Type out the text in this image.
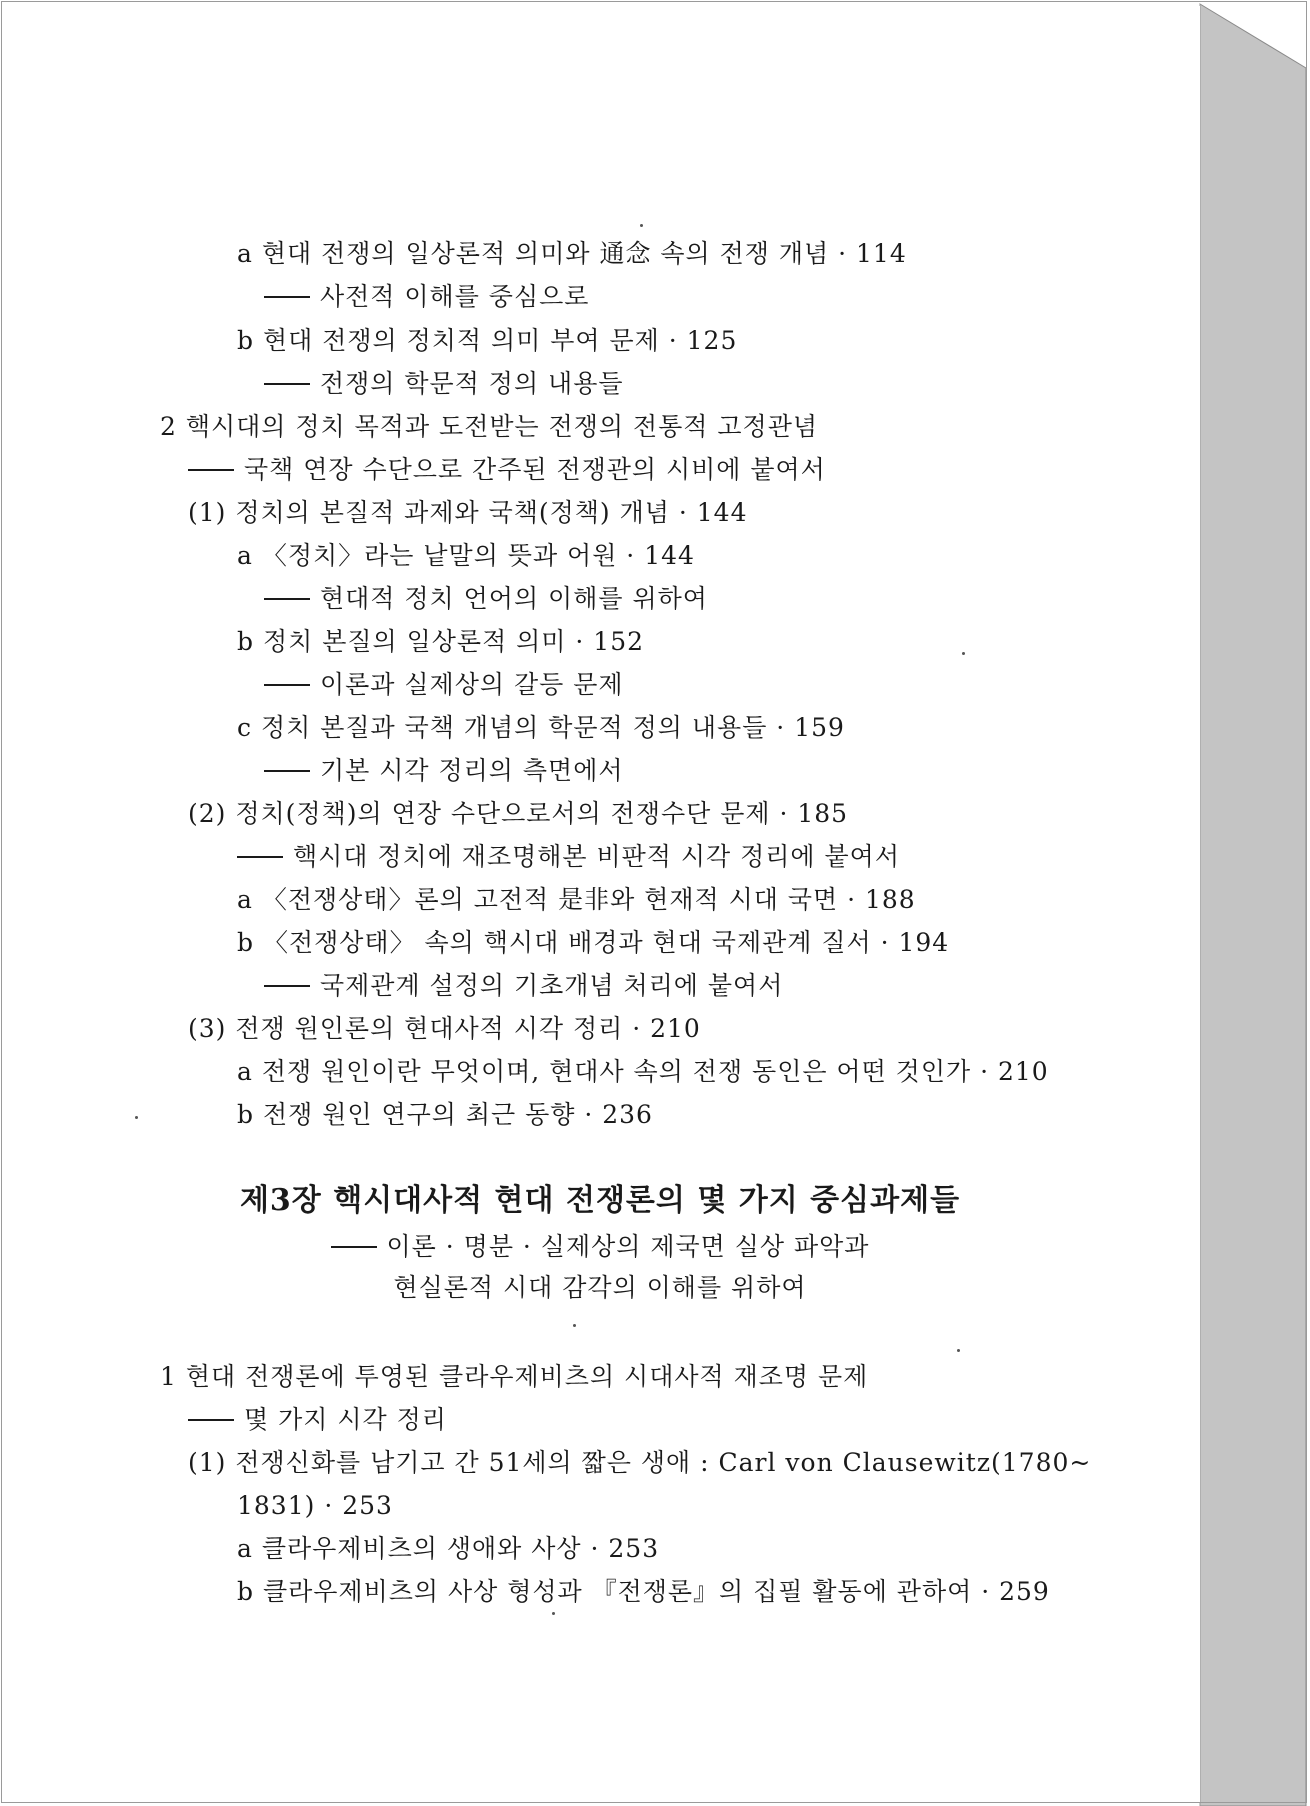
a 현대 전쟁의 일상론적 의미와 通念 속의 전쟁 개념 · 114
사전적 이해를 중심으로
b 현대 전쟁의 정치적 의미 부여 문제 · 125
전쟁의 학문적 정의 내용들
2 핵시대의 정치 목적과 도전받는 전쟁의 전통적 고정관념
국책 연장 수단으로 간주된 전쟁관의 시비에 붙여서
(1) 정치의 본질적 과제와 국책(정책) 개념 · 144
a 〈정치〉라는 낱말의 뜻과 어원 · 144
현대적 정치 언어의 이해를 위하여
b 정치 본질의 일상론적 의미 · 152
이론과 실제상의 갈등 문제
c 정치 본질과 국책 개념의 학문적 정의 내용들 · 159
기본 시각 정리의 측면에서
(2) 정치(정책)의 연장 수단으로서의 전쟁수단 문제 · 185
핵시대 정치에 재조명해본 비판적 시각 정리에 붙여서
a 〈전쟁상태〉론의 고전적 是非와 현재적 시대 국면 · 188
b 〈전쟁상태〉 속의 핵시대 배경과 현대 국제관계 질서 · 194
국제관계 설정의 기초개념 처리에 붙여서
(3) 전쟁 원인론의 현대사적 시각 정리 · 210
a 전쟁 원인이란 무엇이며, 현대사 속의 전쟁 동인은 어떤 것인가 · 210
b 전쟁 원인 연구의 최근 동향 · 236
제3장 핵시대사적 현대 전쟁론의 몇 가지 중심과제들
이론 · 명분 · 실제상의 제국면 실상 파악과
현실론적 시대 감각의 이해를 위하여
1 현대 전쟁론에 투영된 클라우제비츠의 시대사적 재조명 문제
몇 가지 시각 정리
(1) 전쟁신화를 남기고 간 51세의 짧은 생애 : Carl von Clausewitz(1780~
1831) · 253
a 클라우제비츠의 생애와 사상 · 253
b 클라우제비츠의 사상 형성과 『전쟁론』의 집필 활동에 관하여 · 259
